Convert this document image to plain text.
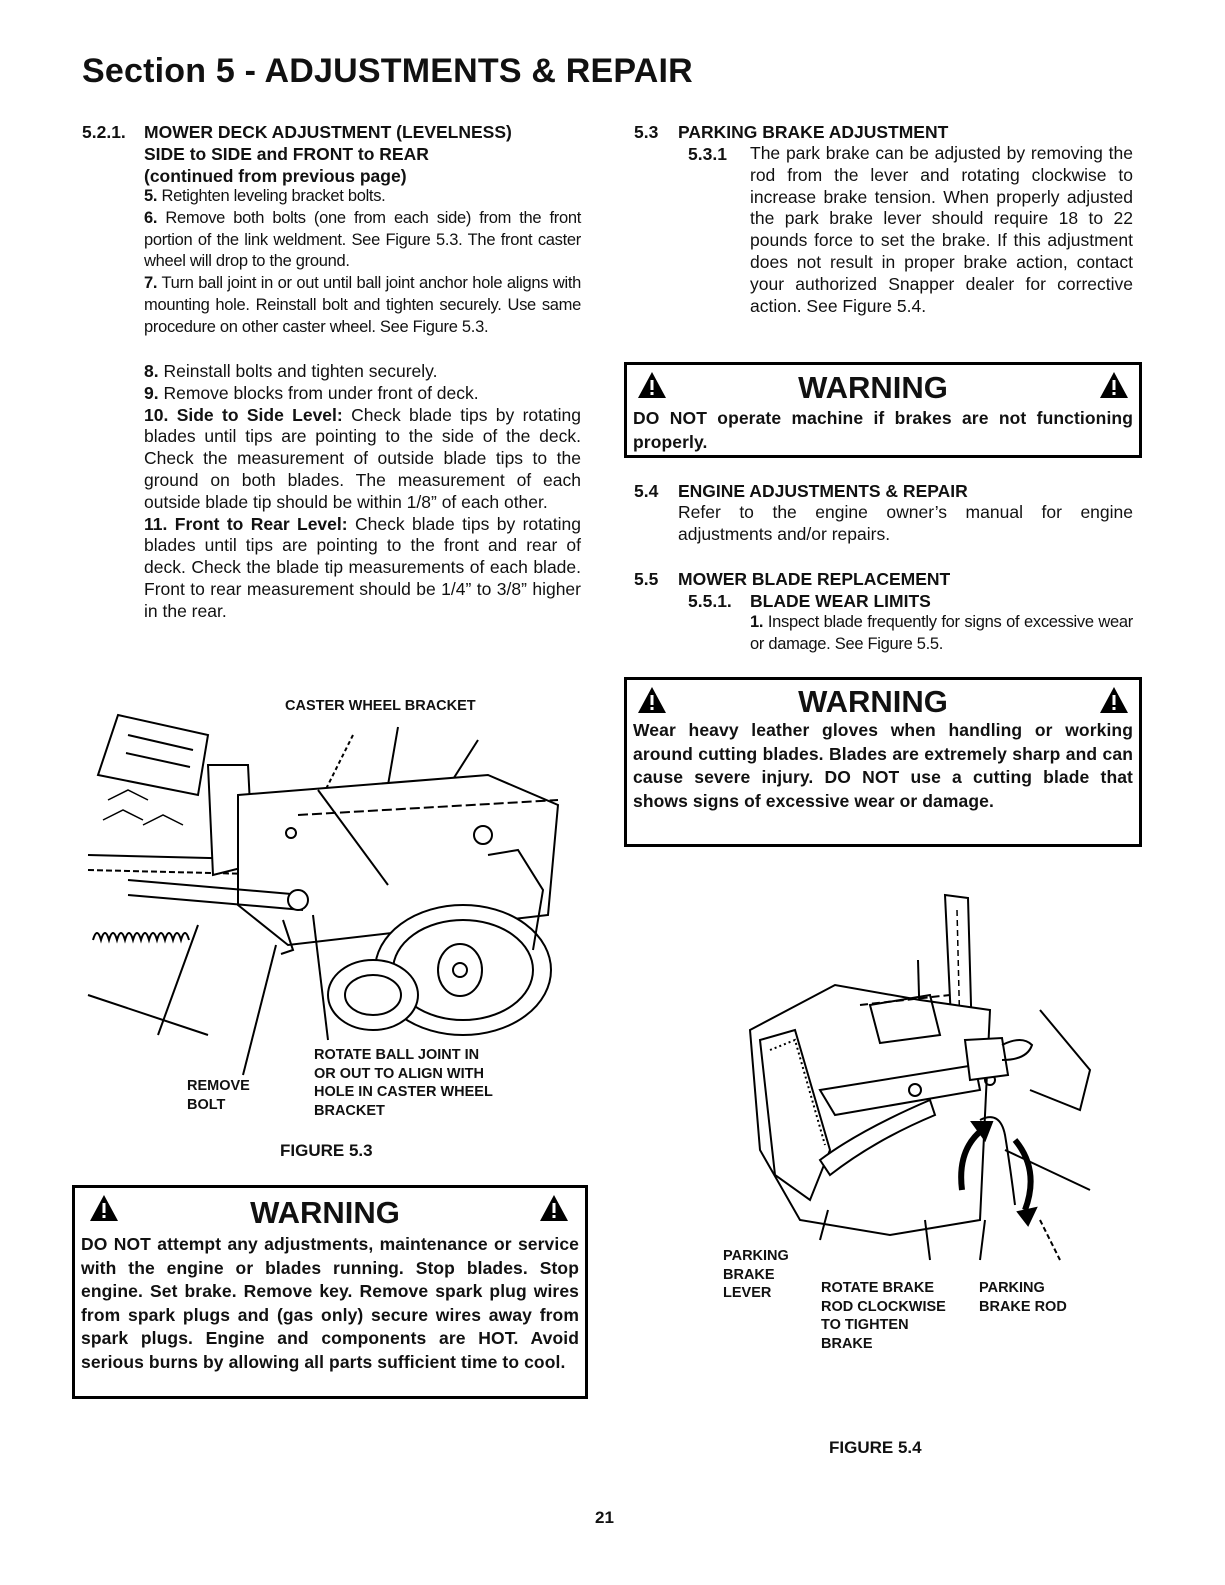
Section 5 - ADJUSTMENTS & REPAIR
5.2.1. MOWER DECK ADJUSTMENT (LEVELNESS)
SIDE to SIDE and FRONT to REAR
(continued from previous page)
5. Retighten leveling bracket bolts.
6. Remove both bolts (one from each side) from the front portion of the link weldment. See Figure 5.3. The front caster wheel will drop to the ground.
7. Turn ball joint in or out until ball joint anchor hole aligns with mounting hole. Reinstall bolt and tighten securely. Use same procedure on other caster wheel. See Figure 5.3.
8. Reinstall bolts and tighten securely.
9. Remove blocks from under front of deck.
10. Side to Side Level: Check blade tips by rotating blades until tips are pointing to the side of the deck. Check the measurement of outside blade tips to the ground on both blades. The measurement of each outside blade tip should be within 1/8” of each other.
11. Front to Rear Level: Check blade tips by rotating blades until tips are pointing to the front and rear of deck. Check the blade tip measurements of each blade. Front to rear measurement should be 1/4” to 3/8” higher in the rear.
CASTER WHEEL BRACKET
ROTATE BALL JOINT IN
OR OUT TO ALIGN WITH
HOLE IN CASTER WHEEL
BRACKET
REMOVE
BOLT
FIGURE 5.3
WARNING
DO NOT attempt any adjustments, maintenance or service with the engine or blades running. Stop blades. Stop engine. Set brake. Remove key. Remove spark plug wires from spark plugs and (gas only) secure wires away from spark plugs. Engine and components are HOT. Avoid serious burns by allowing all parts sufficient time to cool.
5.3 PARKING BRAKE ADJUSTMENT
5.3.1 The park brake can be adjusted by removing the rod from the lever and rotating clockwise to increase brake tension. When properly adjusted the park brake lever should require 18 to 22 pounds force to set the brake. If this adjustment does not result in proper brake action, contact your authorized Snapper dealer for corrective action. See Figure 5.4.
WARNING
DO NOT operate machine if brakes are not functioning properly.
5.4 ENGINE ADJUSTMENTS & REPAIR
Refer to the engine owner’s manual for engine adjustments and/or repairs.
5.5 MOWER BLADE REPLACEMENT
5.5.1. BLADE WEAR LIMITS
1. Inspect blade frequently for signs of excessive wear or damage. See Figure 5.5.
WARNING
Wear heavy leather gloves when handling or working around cutting blades. Blades are extremely sharp and can cause severe injury. DO NOT use a cutting blade that shows signs of excessive wear or damage.
PARKING
BRAKE
LEVER	ROTATE BRAKE
ROD CLOCKWISE
TO TIGHTEN
BRAKE
PARKING
BRAKE ROD
FIGURE 5.4
21
